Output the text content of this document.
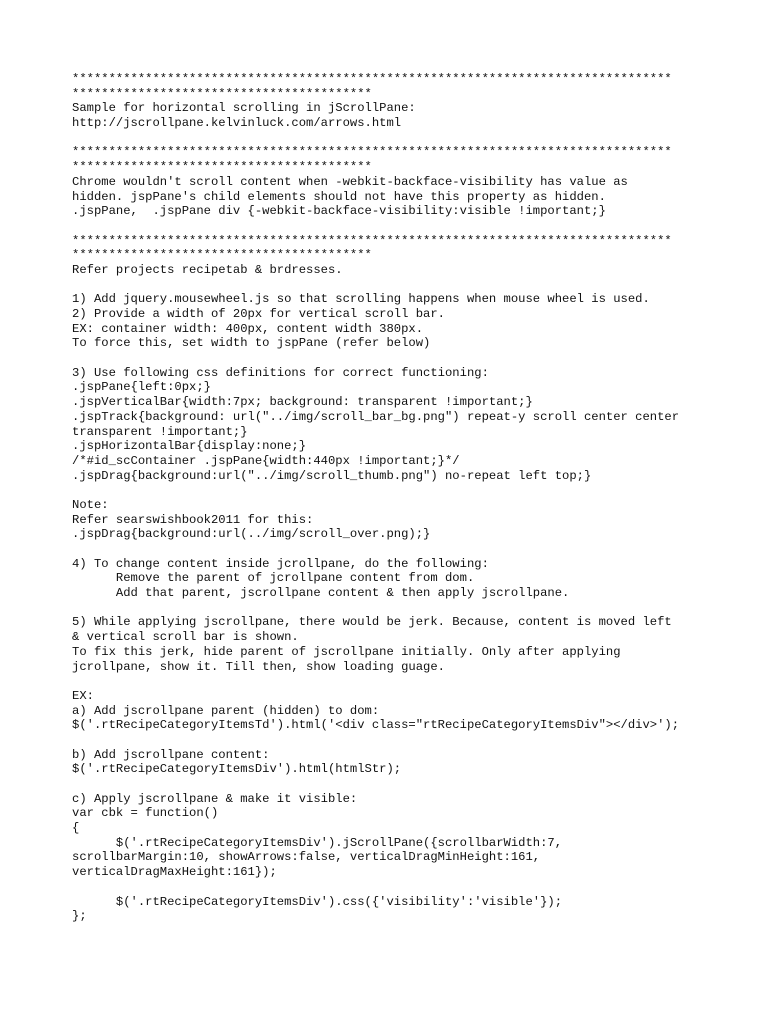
**********************************************************************************
*****************************************
Sample for horizontal scrolling in jScrollPane:
http://jscrollpane.kelvinluck.com/arrows.html
**********************************************************************************
*****************************************
Chrome wouldn't scroll content when -webkit-backface-visibility has value as
hidden. jspPane's child elements should not have this property as hidden.
.jspPane,  .jspPane div {-webkit-backface-visibility:visible !important;}
**********************************************************************************
*****************************************
Refer projects recipetab & brdresses.
1) Add jquery.mousewheel.js so that scrolling happens when mouse wheel is used.
2) Provide a width of 20px for vertical scroll bar.
EX: container width: 400px, content width 380px.
To force this, set width to jspPane (refer below)
3) Use following css definitions for correct functioning:
.jspPane{left:0px;}
.jspVerticalBar{width:7px; background: transparent !important;}
.jspTrack{background: url("../img/scroll_bar_bg.png") repeat-y scroll center center
transparent !important;}
.jspHorizontalBar{display:none;}
/*#id_scContainer .jspPane{width:440px !important;}*/
.jspDrag{background:url("../img/scroll_thumb.png") no-repeat left top;}
Note:
Refer searswishbook2011 for this:
.jspDrag{background:url(../img/scroll_over.png);}
4) To change content inside jcrollpane, do the following:
Remove the parent of jcrollpane content from dom.
Add that parent, jscrollpane content & then apply jscrollpane.
5) While applying jscrollpane, there would be jerk. Because, content is moved left
& vertical scroll bar is shown.
To fix this jerk, hide parent of jscrollpane initially. Only after applying
jcrollpane, show it. Till then, show loading guage.
EX:
a) Add jscrollpane parent (hidden) to dom:
$('.rtRecipeCategoryItemsTd').html('<div class="rtRecipeCategoryItemsDiv"></div>');
b) Add jscrollpane content:
$('.rtRecipeCategoryItemsDiv').html(htmlStr);
c) Apply jscrollpane & make it visible:
var cbk = function()
{
$('.rtRecipeCategoryItemsDiv').jScrollPane({scrollbarWidth:7,
scrollbarMargin:10, showArrows:false, verticalDragMinHeight:161,
verticalDragMaxHeight:161});
$('.rtRecipeCategoryItemsDiv').css({'visibility':'visible'});
};
